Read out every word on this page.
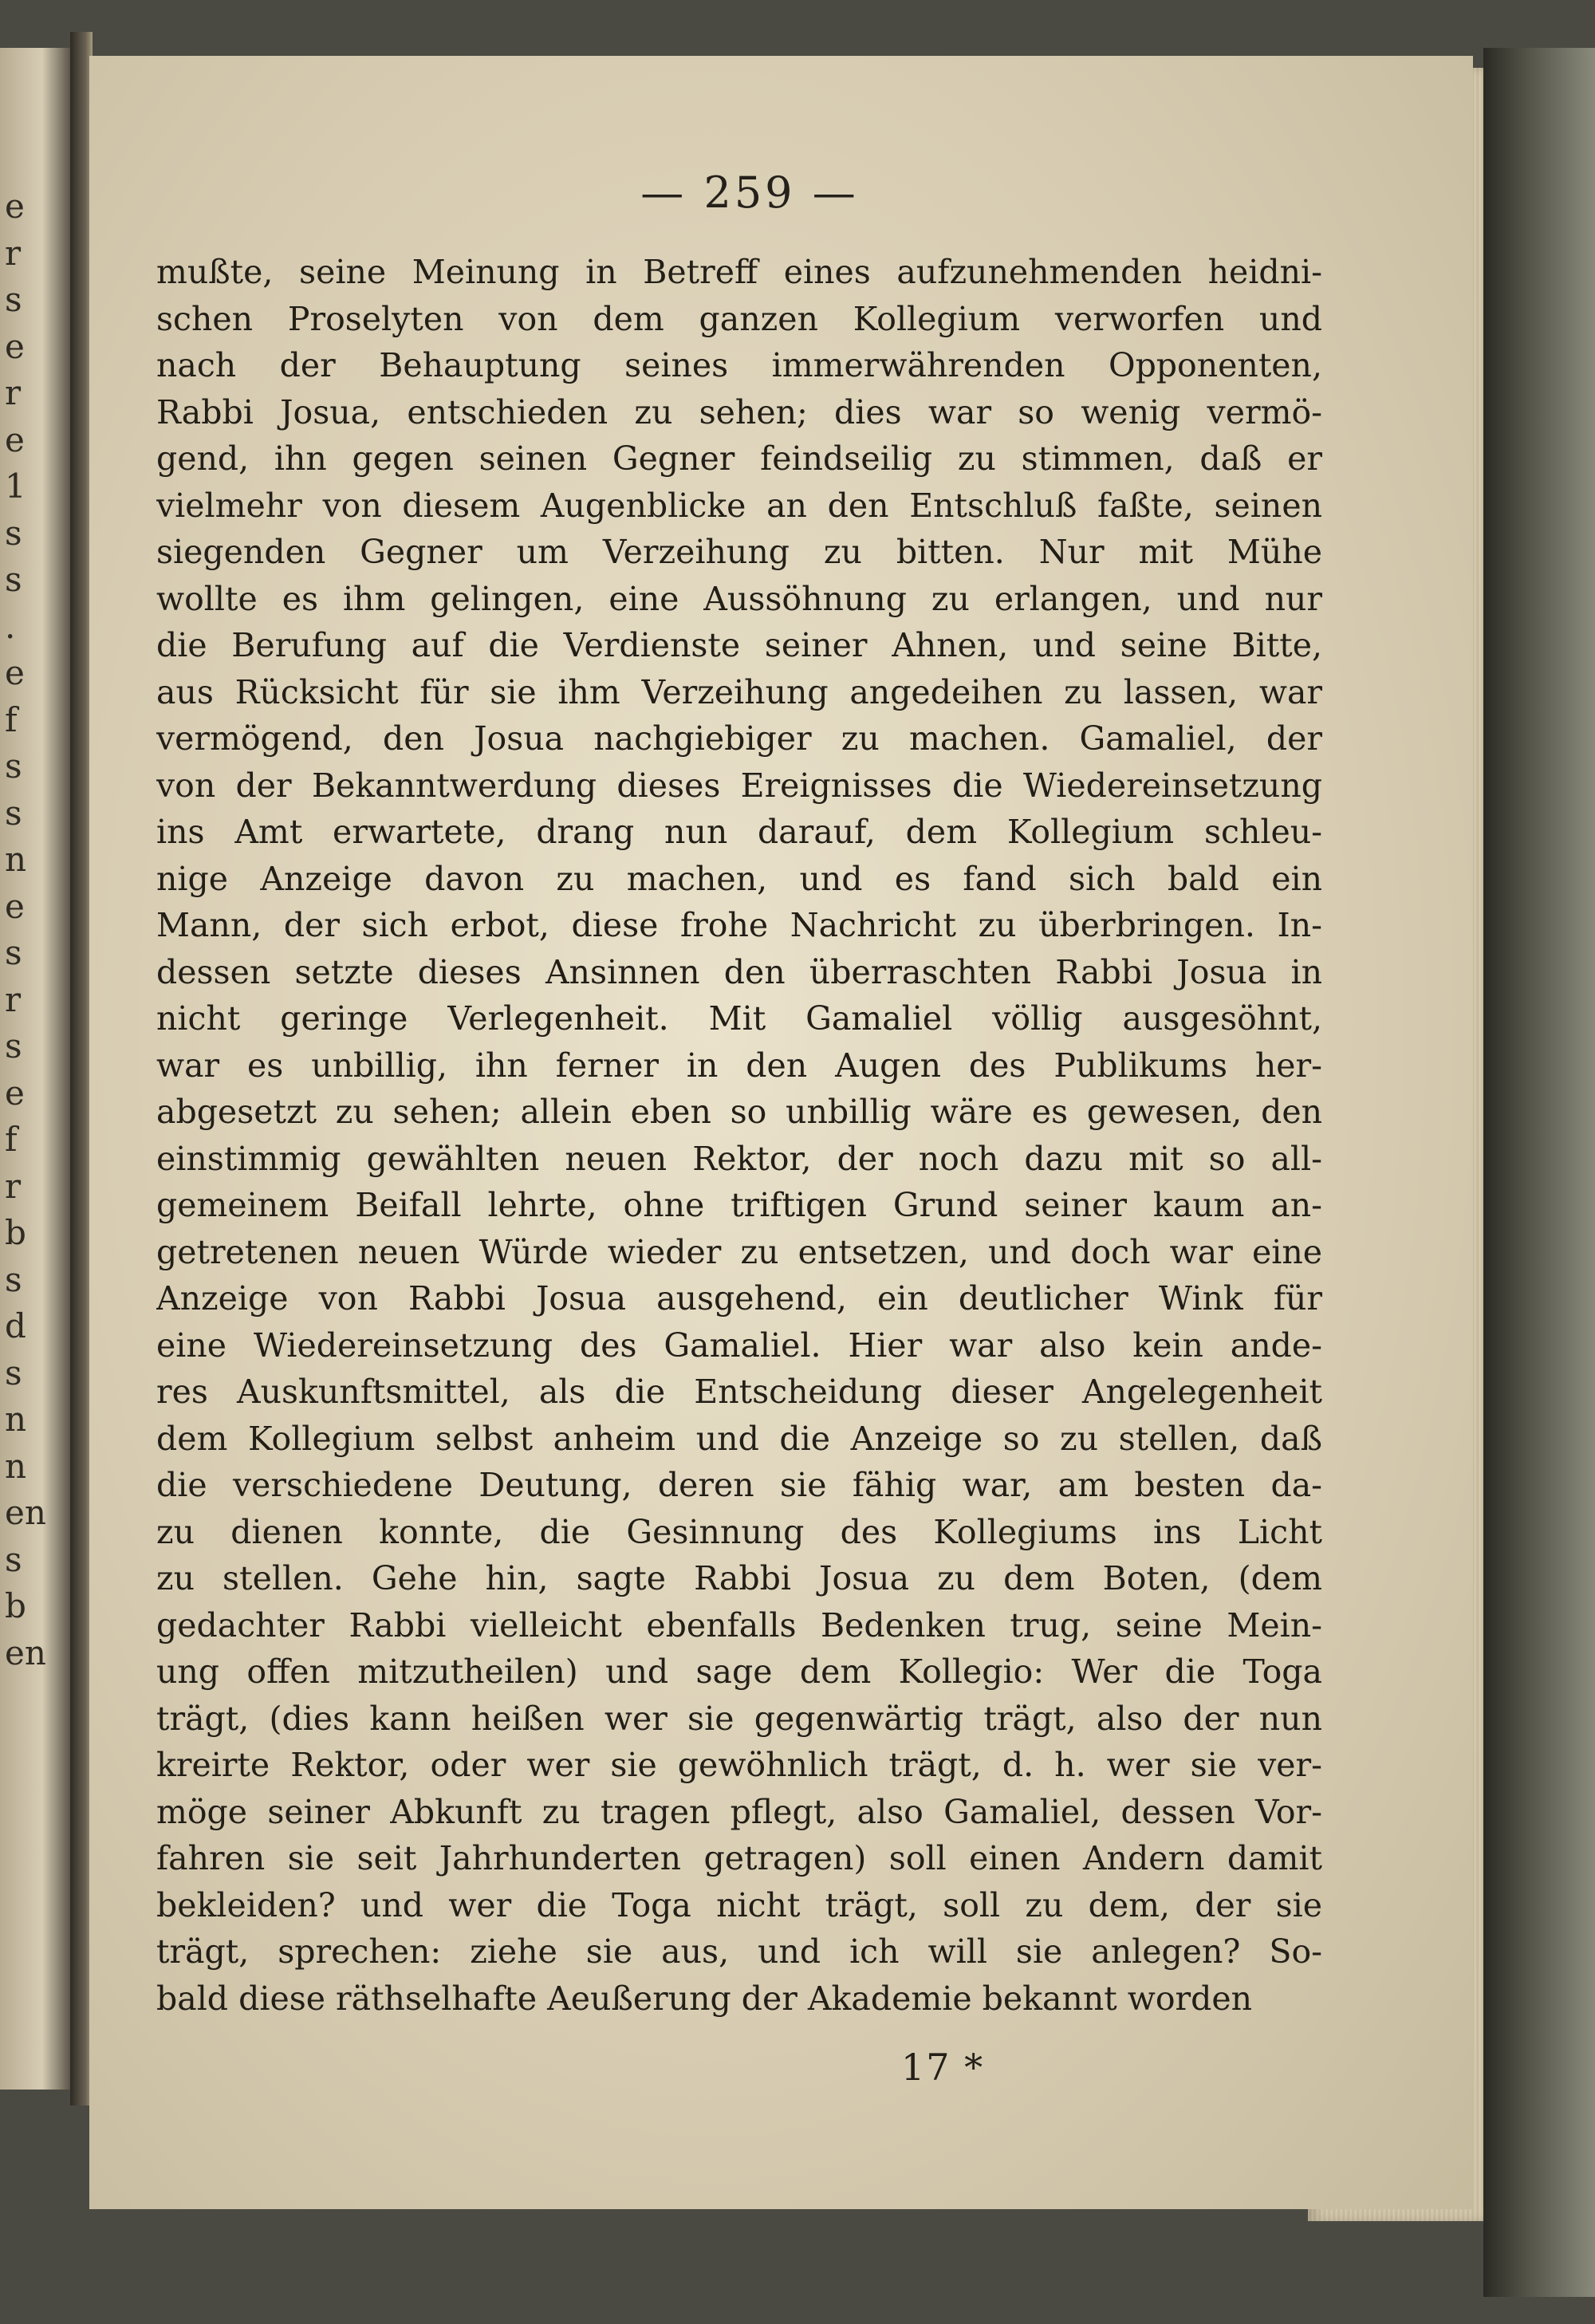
e
r
s
e
r
e
1
s
s
.
e
f
s
s
n
e
s
r
s
e
f
r
b
s
d
s
n
n
en
s
b
en
— 259 —
mußte, seine Meinung in Betreff eines aufzunehmenden heidni-
schen Proselyten von dem ganzen Kollegium verworfen und
nach der Behauptung seines immerwährenden Opponenten,
Rabbi Josua, entschieden zu sehen; dies war so wenig vermö-
gend, ihn gegen seinen Gegner feindseilig zu stimmen, daß er
vielmehr von diesem Augenblicke an den Entschluß faßte, seinen
siegenden Gegner um Verzeihung zu bitten. Nur mit Mühe
wollte es ihm gelingen, eine Aussöhnung zu erlangen, und nur
die Berufung auf die Verdienste seiner Ahnen, und seine Bitte,
aus Rücksicht für sie ihm Verzeihung angedeihen zu lassen, war
vermögend, den Josua nachgiebiger zu machen. Gamaliel, der
von der Bekanntwerdung dieses Ereignisses die Wiedereinsetzung
ins Amt erwartete, drang nun darauf, dem Kollegium schleu-
nige Anzeige davon zu machen, und es fand sich bald ein
Mann, der sich erbot, diese frohe Nachricht zu überbringen. In-
dessen setzte dieses Ansinnen den überraschten Rabbi Josua in
nicht geringe Verlegenheit. Mit Gamaliel völlig ausgesöhnt,
war es unbillig, ihn ferner in den Augen des Publikums her-
abgesetzt zu sehen; allein eben so unbillig wäre es gewesen, den
einstimmig gewählten neuen Rektor, der noch dazu mit so all-
gemeinem Beifall lehrte, ohne triftigen Grund seiner kaum an-
getretenen neuen Würde wieder zu entsetzen, und doch war eine
Anzeige von Rabbi Josua ausgehend, ein deutlicher Wink für
eine Wiedereinsetzung des Gamaliel. Hier war also kein ande-
res Auskunftsmittel, als die Entscheidung dieser Angelegenheit
dem Kollegium selbst anheim und die Anzeige so zu stellen, daß
die verschiedene Deutung, deren sie fähig war, am besten da-
zu dienen konnte, die Gesinnung des Kollegiums ins Licht
zu stellen. Gehe hin, sagte Rabbi Josua zu dem Boten, (dem
gedachter Rabbi vielleicht ebenfalls Bedenken trug, seine Mein-
ung offen mitzutheilen) und sage dem Kollegio: Wer die Toga
trägt, (dies kann heißen wer sie gegenwärtig trägt, also der nun
kreirte Rektor, oder wer sie gewöhnlich trägt, d. h. wer sie ver-
möge seiner Abkunft zu tragen pflegt, also Gamaliel, dessen Vor-
fahren sie seit Jahrhunderten getragen) soll einen Andern damit
bekleiden? und wer die Toga nicht trägt, soll zu dem, der sie
trägt, sprechen: ziehe sie aus, und ich will sie anlegen? So-
bald diese räthselhafte Aeußerung der Akademie bekannt worden
17 *
